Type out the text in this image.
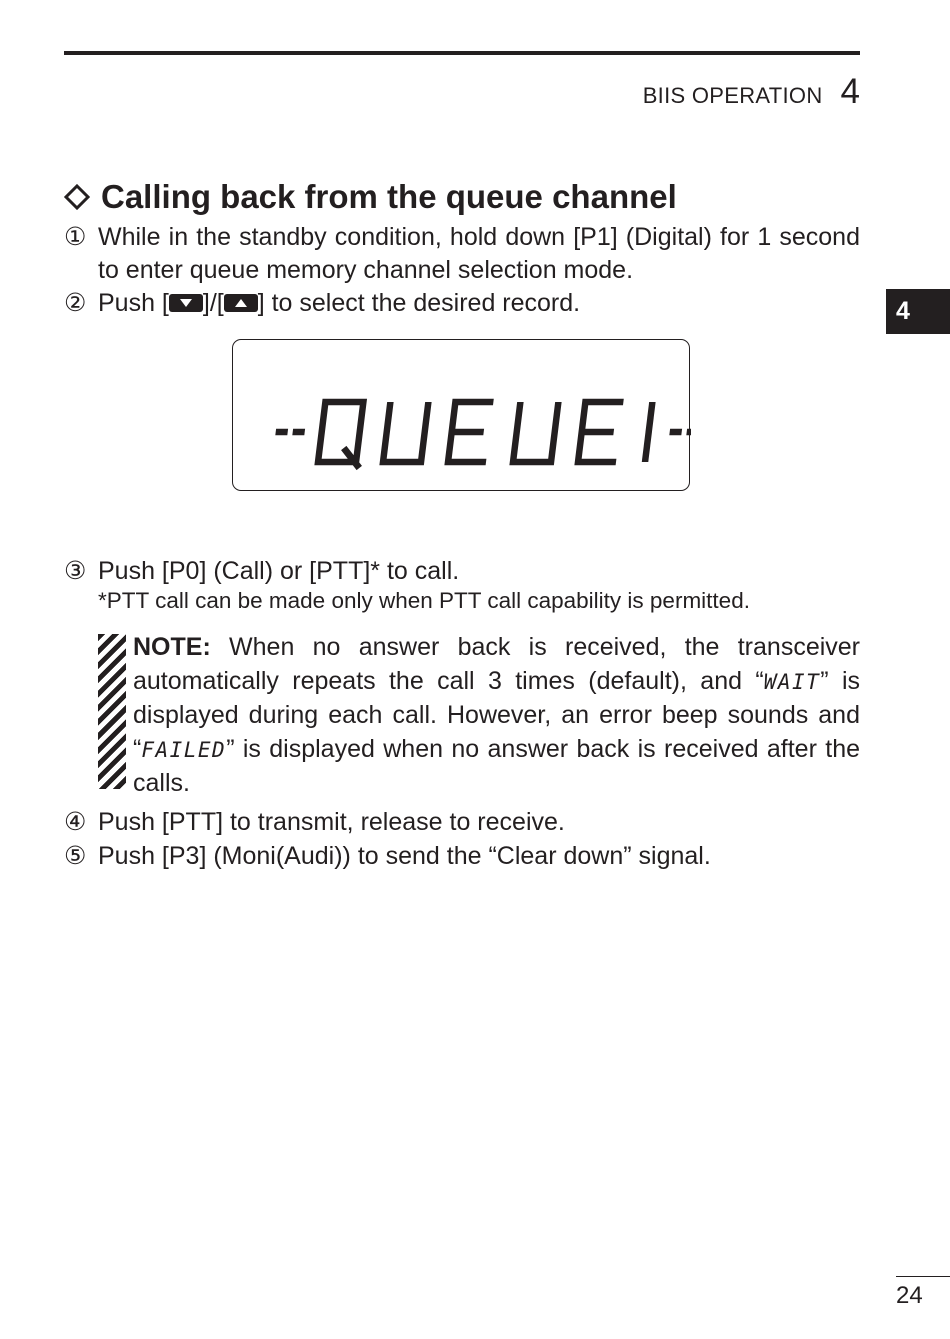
BIIS OPERATION 4
4
Calling back from the queue channel
① While in the standby condition, hold down [P1] (Digital) for 1 second to enter queue memory channel selection mode.
② Push [ ]/[ ] to select the desired record.
③ Push [P0] (Call) or [PTT]* to call.
*PTT call can be made only when PTT call capability is permitted.
NOTE: When no answer back is received, the transceiver automatically repeats the call 3 times (default), and “WAIT” is displayed during each call. However, an error beep sounds and “FAILED” is displayed when no answer back is received after the calls.
④ Push [PTT] to transmit, release to receive.
⑤ Push [P3] (Moni(Audi)) to send the “Clear down” signal.
24
